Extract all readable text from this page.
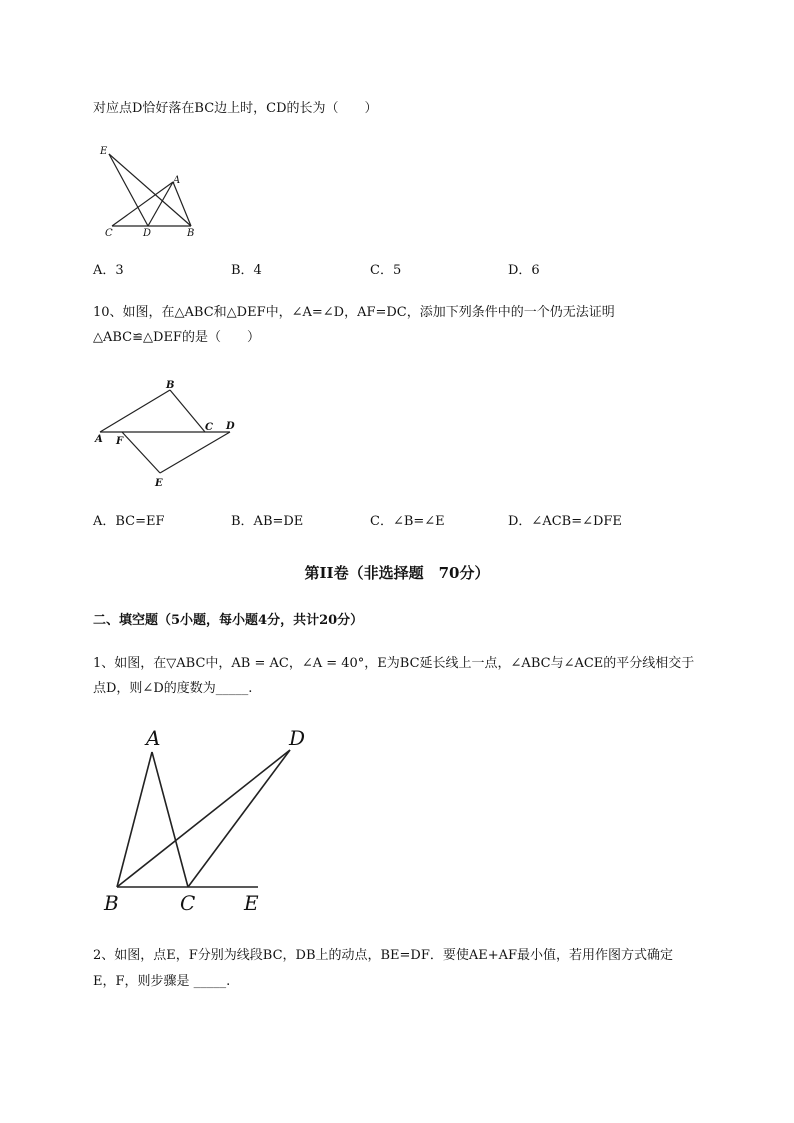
对应点D恰好落在BC边上时，CD的长为（　　）
E
A
C	D	B
A．3	B．4	C．5	D．6
10、如图，在△ABC和△DEF中，∠A=∠D，AF=DC，添加下列条件中的一个仍无法证明
△ABC≌△DEF的是（　　）
B
C D
A F
E
A．BC=EF	B．AB=DE	C．∠B=∠E	D．∠ACB=∠DFE
第II卷（非选择题　70分）
二、填空题（5小题，每小题4分，共计20分）
1、如图，在▽ABC中，AB = AC，∠A = 40°，E为BC延长线上一点，∠ABC与∠ACE的平分线相交于
点D，则∠D的度数为_____.
A	D
B	C E
2、如图，点E，F分别为线段BC，DB上的动点，BE=DF．要使AE+AF最小值，若用作图方式确定
E，F，则步骤是 _____.
